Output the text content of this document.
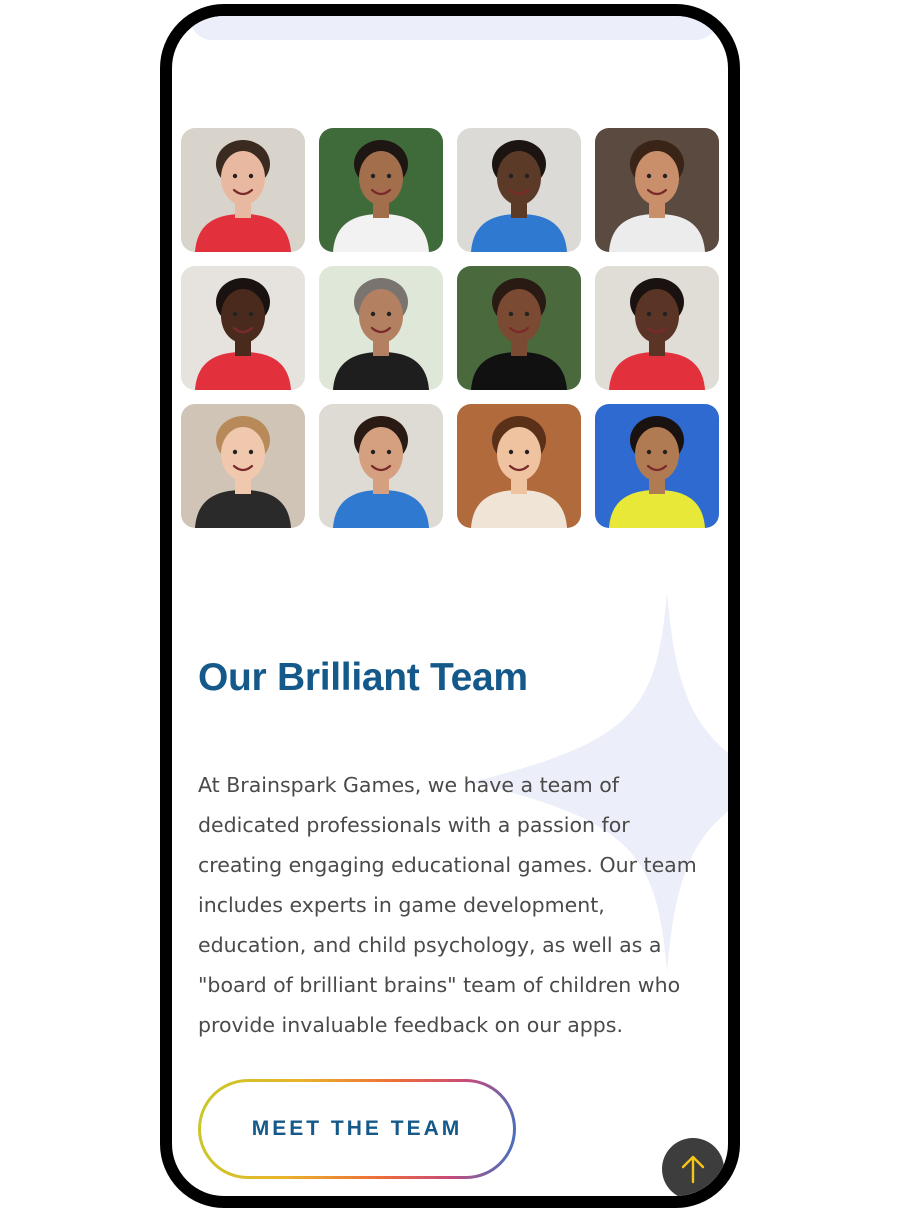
Our Brilliant Team

At Brainspark Games, we have a team of dedicated professionals with a passion for creating engaging educational games. Our team includes experts in game development, education, and child psychology, as well as a "board of brilliant brains" team of children who provide invaluable feedback on our apps.

MEET THE TEAM
